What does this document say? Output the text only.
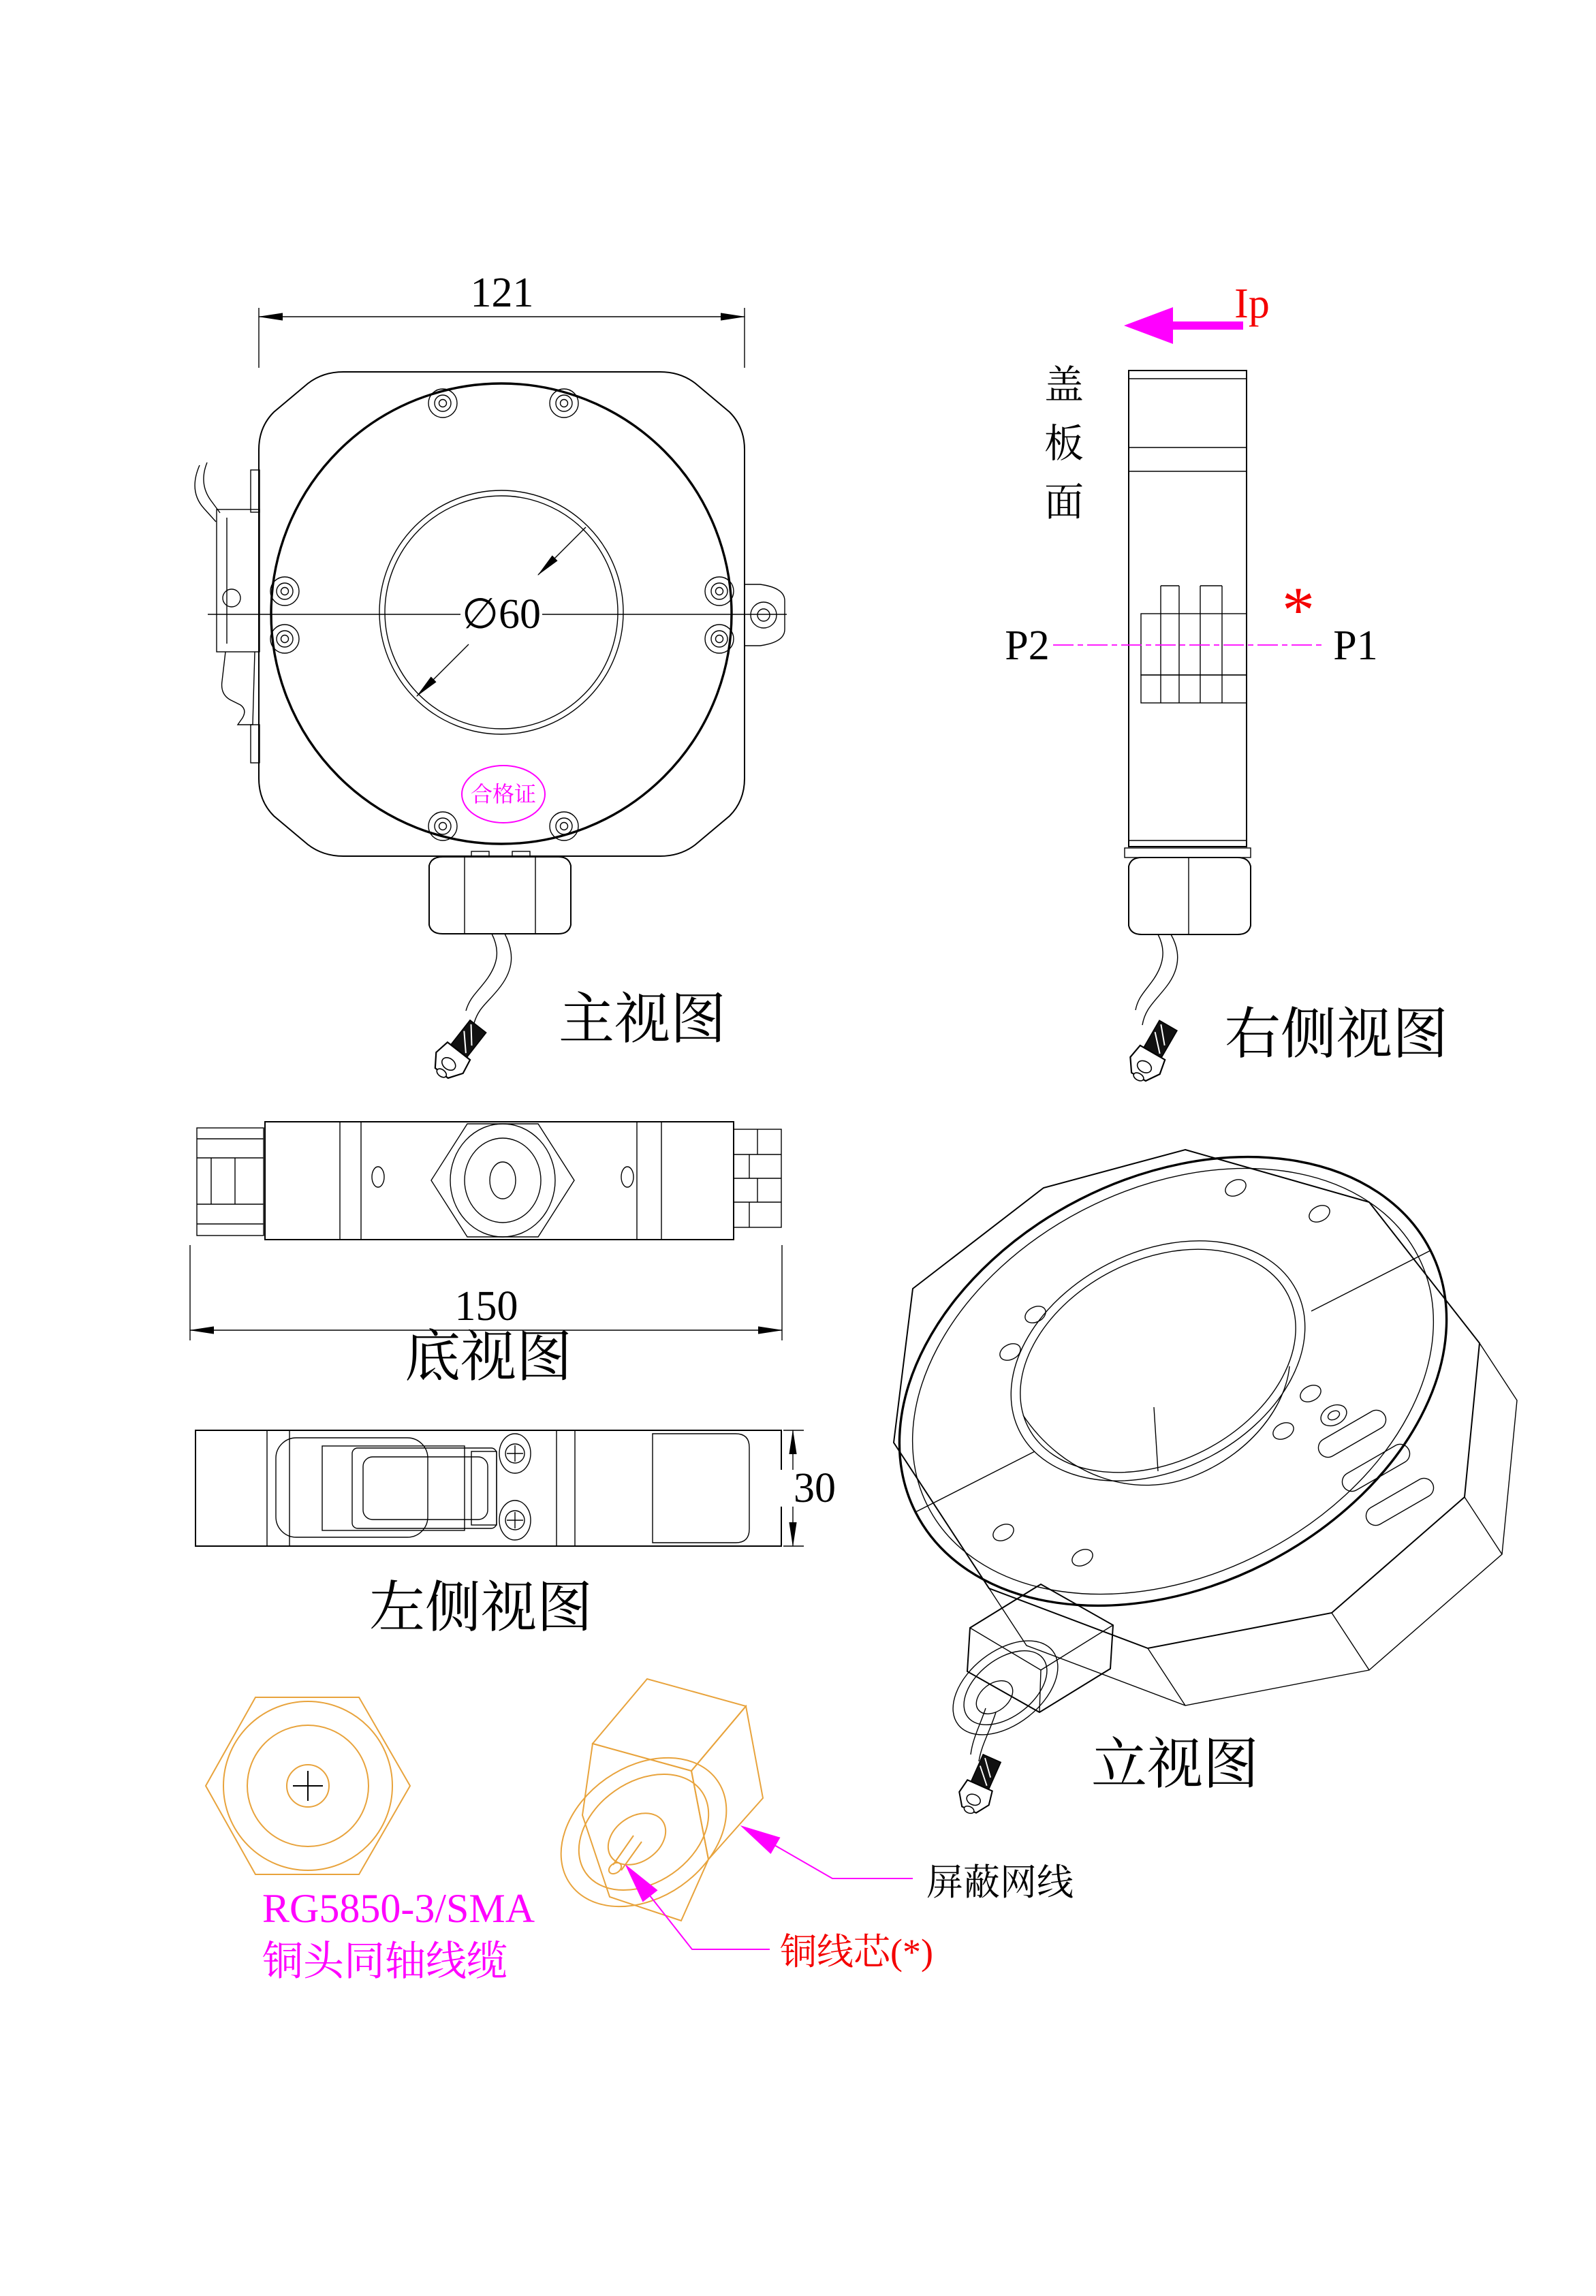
121
∅60
合格证
主视图
Ip
盖
板
面
P2	P1
*
右侧视图
150
底视图
30
左侧视图
立视图
屏蔽网线
铜线芯(*)
RG5850-3/SMA
铜头同轴线缆
